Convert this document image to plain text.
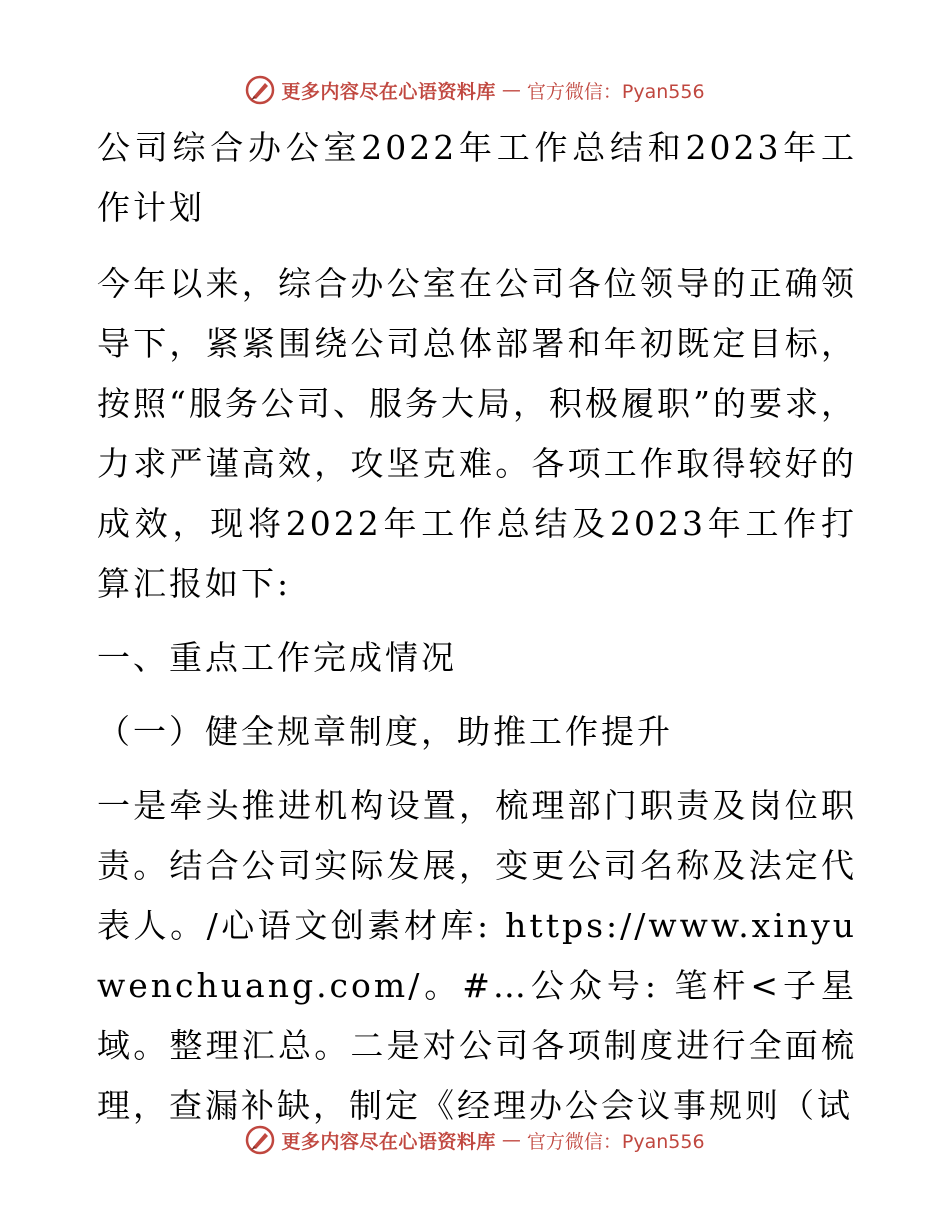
更多内容尽在心语资料库 — 官方微信：Pyan556

公司综合办公室2022年工作总结和2023年工作计划

今年以来，综合办公室在公司各位领导的正确领导下，紧紧围绕公司总体部署和年初既定目标，按照“服务公司、服务大局，积极履职”的要求，力求严谨高效，攻坚克难。各项工作取得较好的成效，现将2022年工作总结及2023年工作打算汇报如下:

一、重点工作完成情况

（一）健全规章制度，助推工作提升

一是牵头推进机构设置，梳理部门职责及岗位职责。结合公司实际发展，变更公司名称及法定代表人。/心语文创素材库: https://www.xinyuwenchuang.com/。#…公众号: 笔杆<子星域。整理汇总。二是对公司各项制度进行全面梳理，查漏补缺，制定《经理办公会议事规则（试

更多内容尽在心语资料库 — 官方微信：Pyan556
